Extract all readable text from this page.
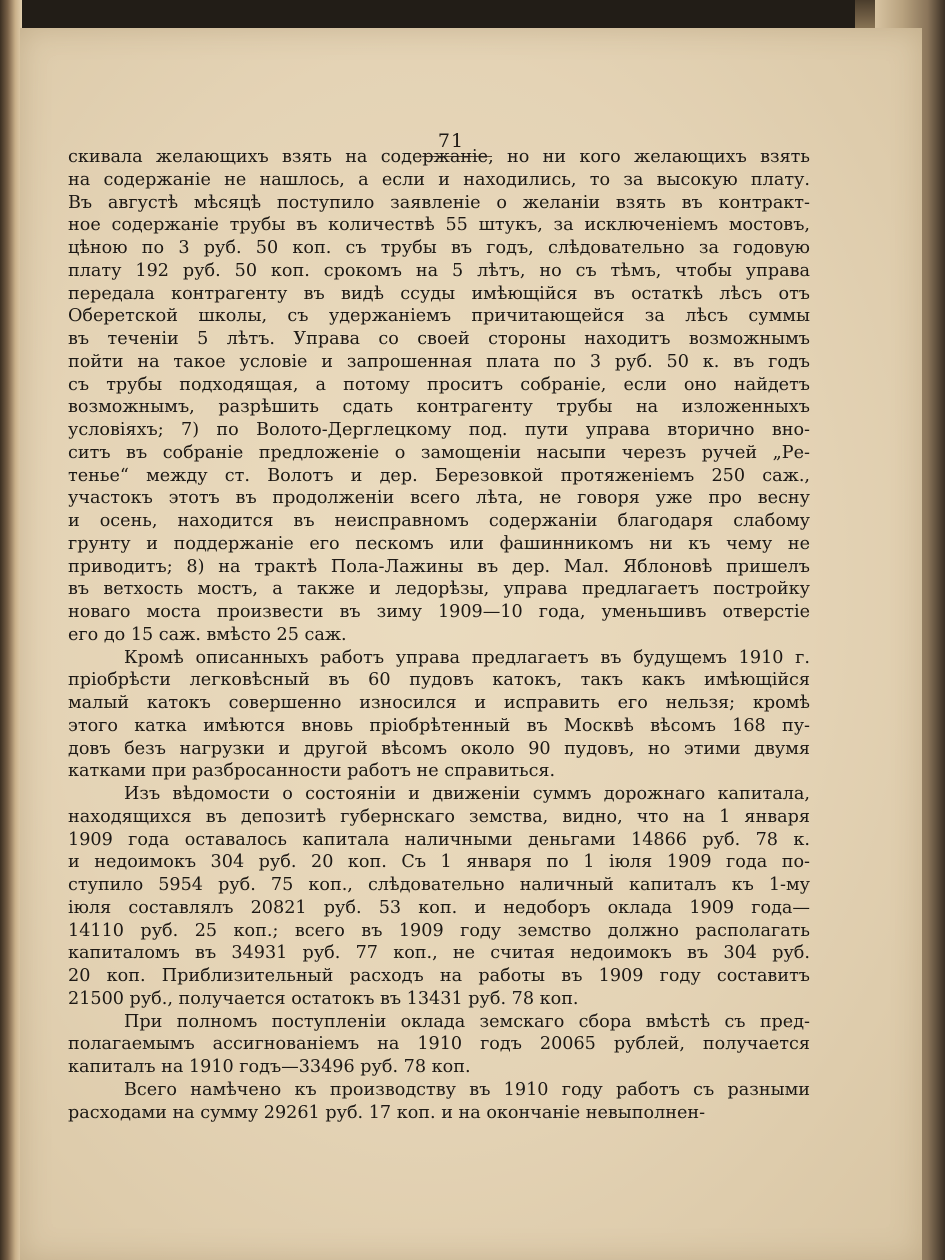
71
скивала желающихъ взять на содержаніе, но ни кого желающихъ взять
на содержаніе не нашлось, а если и находились, то за высокую плату.
Въ августѣ мѣсяцѣ поступило заявленіе о желанiи взять въ контракт-
ное содержаніе трубы въ количествѣ 55 штукъ, за исключеніемъ мостовъ,
цѣною по 3 руб. 50 коп. съ трубы въ годъ, слѣдовательно за годовую
плату 192 руб. 50 коп. срокомъ на 5 лѣтъ, но съ тѣмъ, чтобы управа
передала контрагенту въ видѣ ссуды имѣющійся въ остаткѣ лѣсъ отъ
Оберетской школы, съ удержаніемъ причитающейся за лѣсъ суммы
въ теченіи 5 лѣтъ. Управа со своей стороны находитъ возможнымъ
пойти на такое условіе и запрошенная плата по 3 руб. 50 к. въ годъ
съ трубы подходящая, а потому проситъ собраніе, если оно найдетъ
возможнымъ, разрѣшить сдать контрагенту трубы на изложенныхъ
условiяхъ; 7) по Волото-Дерглецкому под. пути управа вторично вно-
ситъ въ собраніе предложеніе о замощеніи насыпи черезъ ручей „Ре-
тенье“ между ст. Волотъ и дер. Березовкой протяженіемъ 250 саж.,
участокъ этотъ въ продолженіи всего лѣта, не говоря уже про весну
и осень, находится въ неисправномъ содержаніи благодаря слабому
грунту и поддержаніе его пескомъ или фашинникомъ ни къ чему не
приводитъ; 8) на трактѣ Пола-Лажины въ дер. Мал. Яблоновѣ пришелъ
въ ветхость мостъ, а также и ледорѣзы, управа предлагаетъ постройку
новаго моста произвести въ зиму 1909—10 года, уменьшивъ отверстіе
его до 15 саж. вмѣсто 25 саж.
Кромѣ описанныхъ работъ управа предлагаетъ въ будущемъ 1910 г.
пріобрѣсти легковѣсный въ 60 пудовъ катокъ, такъ какъ имѣющійся
малый катокъ совершенно износился и исправить его нельзя; кромѣ
этого катка имѣются вновь пріобрѣтенный въ Москвѣ вѣсомъ 168 пу-
довъ безъ нагрузки и другой вѣсомъ около 90 пудовъ, но этими двумя
катками при разбросанности работъ не справиться.
Изъ вѣдомости о состояніи и движеніи суммъ дорожнаго капитала,
находящихся въ депозитѣ губернскаго земства, видно, что на 1 января
1909 года оставалось капитала наличными деньгами 14866 руб. 78 к.
и недоимокъ 304 руб. 20 коп. Съ 1 января по 1 іюля 1909 года по-
ступило 5954 руб. 75 коп., слѣдовательно наличный капиталъ къ 1-му
іюля составлялъ 20821 руб. 53 коп. и недоборъ оклада 1909 года—
14110 руб. 25 коп.; всего въ 1909 году земство должно располагать
капиталомъ въ 34931 руб. 77 коп., не считая недоимокъ въ 304 руб.
20 коп. Приблизительный расходъ на работы въ 1909 году составитъ
21500 руб., получается остатокъ въ 13431 руб. 78 коп.
При полномъ поступленіи оклада земскаго сбора вмѣстѣ съ пред-
полагаемымъ ассигнованіемъ на 1910 годъ 20065 рублей, получается
капиталъ на 1910 годъ—33496 руб. 78 коп.
Всего намѣчено къ производству въ 1910 году работъ съ разными
расходами на сумму 29261 руб. 17 коп. и на окончаніе невыполнен-
